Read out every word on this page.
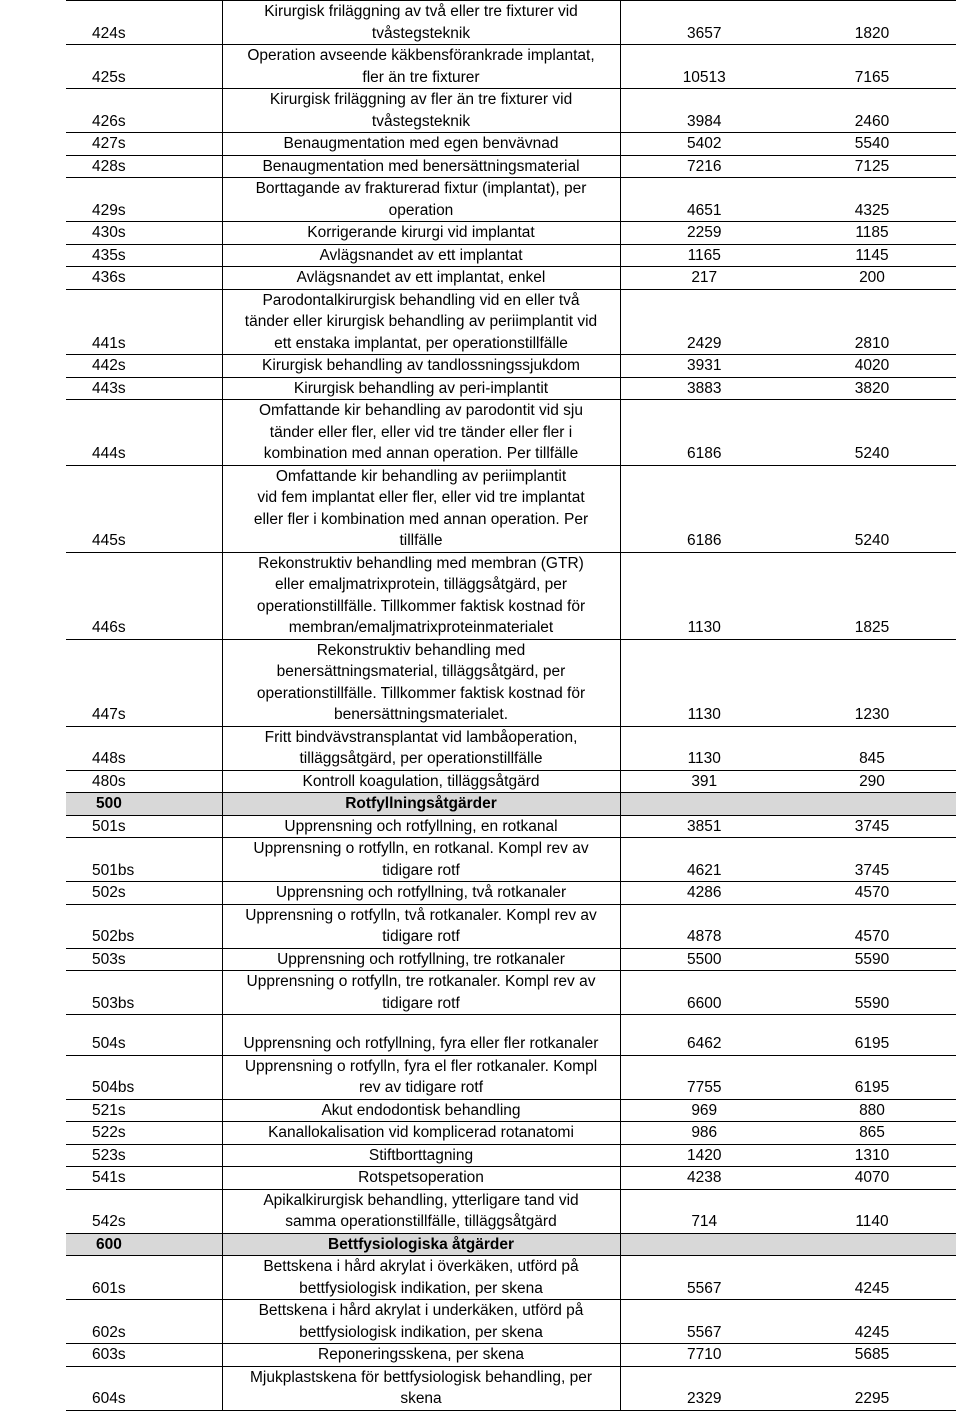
424s	Kirurgisk friläggning av två eller tre fixturer vid
tvåstegsteknik	3657	1820
425s	Operation avseende käkbensförankrade implantat,
fler än tre fixturer	10513	7165
426s	Kirurgisk friläggning av fler än tre fixturer vid
tvåstegsteknik	3984	2460
427s	Benaugmentation med egen benvävnad	5402	5540
428s	Benaugmentation med benersättningsmaterial	7216	7125
429s	Borttagande av frakturerad fixtur (implantat), per
operation	4651	4325
430s	Korrigerande kirurgi vid implantat	2259	1185
435s	Avlägsnandet av ett implantat	1165	1145
436s	Avlägsnandet av ett implantat, enkel	217	200
441s	Parodontalkirurgisk behandling vid en eller två
tänder eller kirurgisk behandling av periimplantit vid
ett enstaka implantat, per operationstillfälle	2429	2810
442s	Kirurgisk behandling av tandlossningssjukdom	3931	4020
443s	Kirurgisk behandling av peri-implantit	3883	3820
444s	Omfattande kir behandling av parodontit vid sju
tänder eller fler, eller vid tre tänder eller fler i
kombination med annan operation. Per tillfälle	6186	5240
445s	Omfattande kir behandling av periimplantit
vid fem implantat eller fler, eller vid tre implantat
eller fler i kombination med annan operation. Per
tillfälle	6186	5240
446s	Rekonstruktiv behandling med membran (GTR)
eller emaljmatrixprotein, tilläggsåtgärd, per
operationstillfälle. Tillkommer faktisk kostnad för
membran/emaljmatrixproteinmaterialet	1130	1825
447s	Rekonstruktiv behandling med
benersättningsmaterial, tilläggsåtgärd, per
operationstillfälle. Tillkommer faktisk kostnad för
benersättningsmaterialet.	1130	1230
448s	Fritt bindvävstransplantat vid lambåoperation,
tilläggsåtgärd, per operationstillfälle	1130	845
480s	Kontroll koagulation, tilläggsåtgärd	391	290
500	Rotfyllningsåtgärder		

501s	Upprensning och rotfyllning, en rotkanal	3851	3745
501bs	Upprensning o rotfylln, en rotkanal. Kompl rev av
tidigare rotf	4621	3745
502s	Upprensning och rotfyllning, två rotkanaler	4286	4570
502bs	Upprensning o rotfylln, två rotkanaler. Kompl rev av
tidigare rotf	4878	4570
503s	Upprensning och rotfyllning, tre rotkanaler	5500	5590
503bs	Upprensning o rotfylln, tre rotkanaler. Kompl rev av
tidigare rotf	6600	5590
504s	Upprensning och rotfyllning, fyra eller fler rotkanaler	6462	6195
504bs	Upprensning o rotfylln, fyra el fler rotkanaler. Kompl
rev av tidigare rotf	7755	6195
521s	Akut endodontisk behandling	969	880
522s	Kanallokalisation vid komplicerad rotanatomi	986	865
523s	Stiftborttagning	1420	1310
541s	Rotspetsoperation	4238	4070
542s	Apikalkirurgisk behandling, ytterligare tand vid
samma operationstillfälle, tilläggsåtgärd	714	1140
600	Bettfysiologiska åtgärder		

601s	Bettskena i hård akrylat i överkäken, utförd på
bettfysiologisk indikation, per skena	5567	4245
602s	Bettskena i hård akrylat i underkäken, utförd på
bettfysiologisk indikation, per skena	5567	4245
603s	Reponeringsskena, per skena	7710	5685
604s	Mjukplastskena för bettfysiologisk behandling, per
skena	2329	2295
